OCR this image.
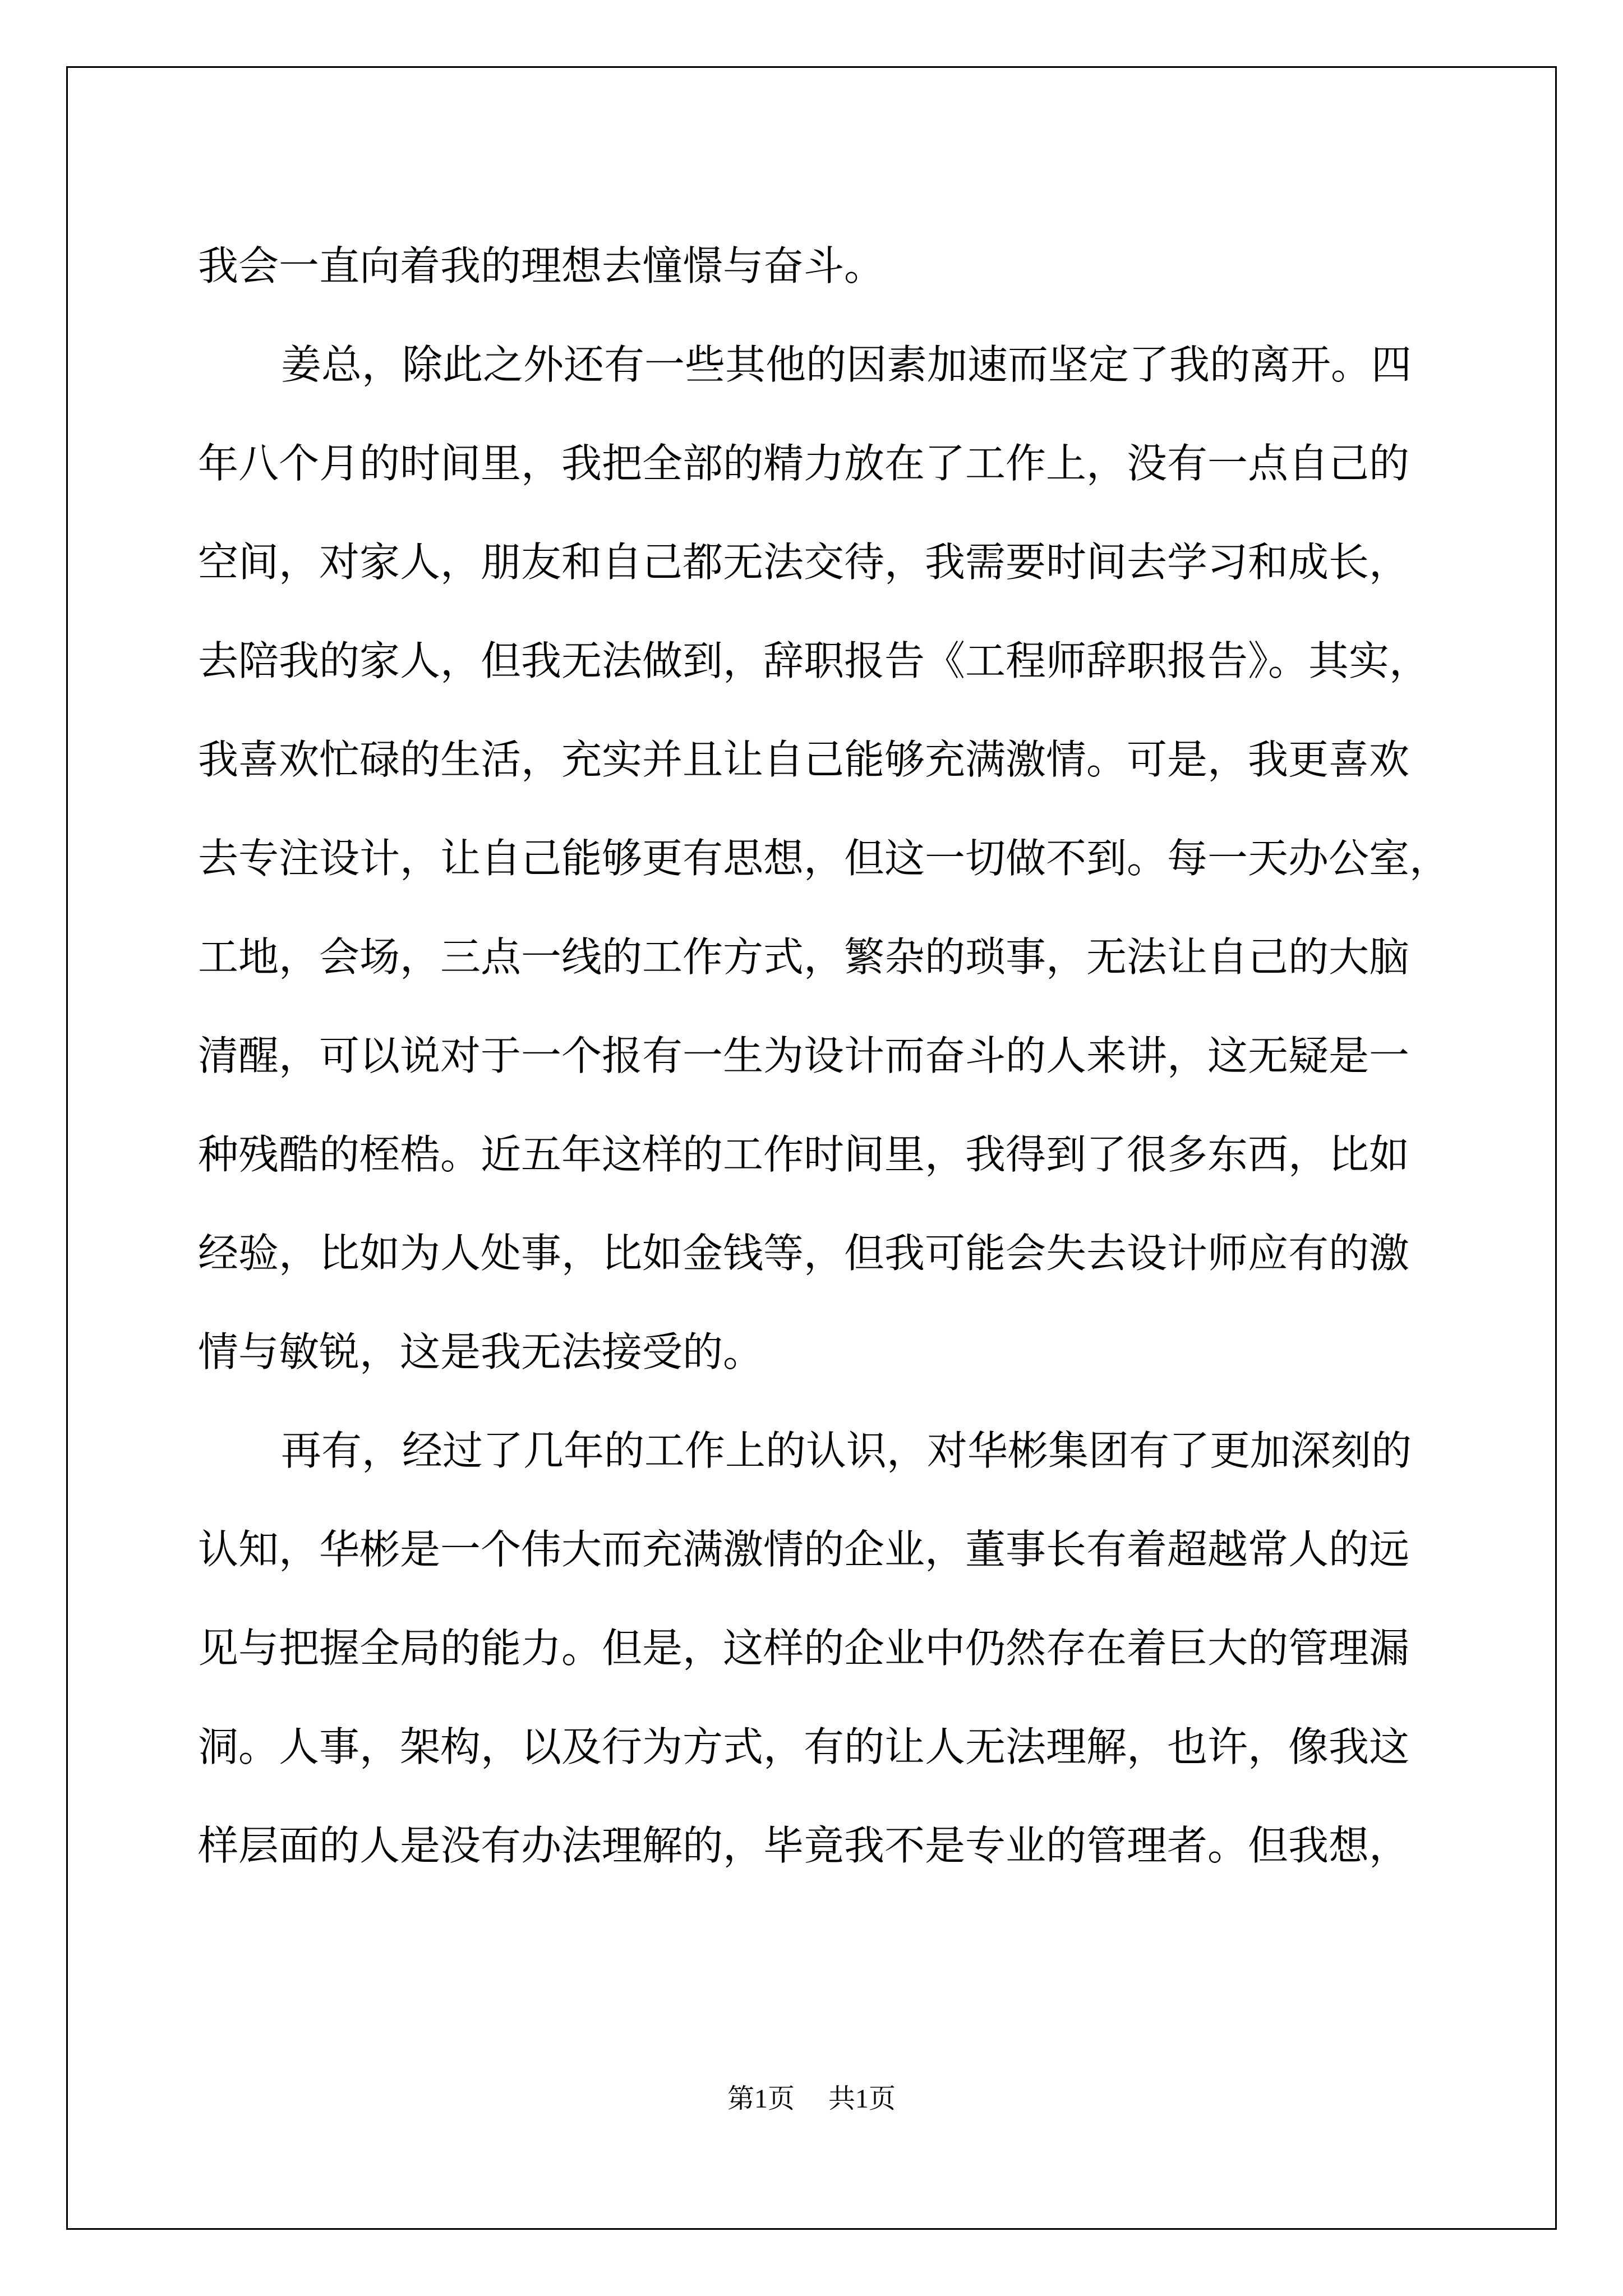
我会一直向着我的理想去憧憬与奋斗。
姜总，除此之外还有一些其他的因素加速而坚定了我的离开。四
年八个月的时间里，我把全部的精力放在了工作上，没有一点自己的
空间，对家人，朋友和自己都无法交待，我需要时间去学习和成长，
去陪我的家人，但我无法做到，辞职报告《工程师辞职报告》。其实，
我喜欢忙碌的生活，充实并且让自己能够充满激情。可是，我更喜欢
去专注设计，让自己能够更有思想，但这一切做不到。每一天办公室，
工地，会场，三点一线的工作方式，繁杂的琐事，无法让自己的大脑
清醒，可以说对于一个报有一生为设计而奋斗的人来讲，这无疑是一
种残酷的桎梏。近五年这样的工作时间里，我得到了很多东西，比如
经验，比如为人处事，比如金钱等，但我可能会失去设计师应有的激
情与敏锐，这是我无法接受的。
再有，经过了几年的工作上的认识，对华彬集团有了更加深刻的
认知，华彬是一个伟大而充满激情的企业，董事长有着超越常人的远
见与把握全局的能力。但是，这样的企业中仍然存在着巨大的管理漏
洞。人事，架构，以及行为方式，有的让人无法理解，也许，像我这
样层面的人是没有办法理解的，毕竟我不是专业的管理者。但我想，
第1页 共1页
